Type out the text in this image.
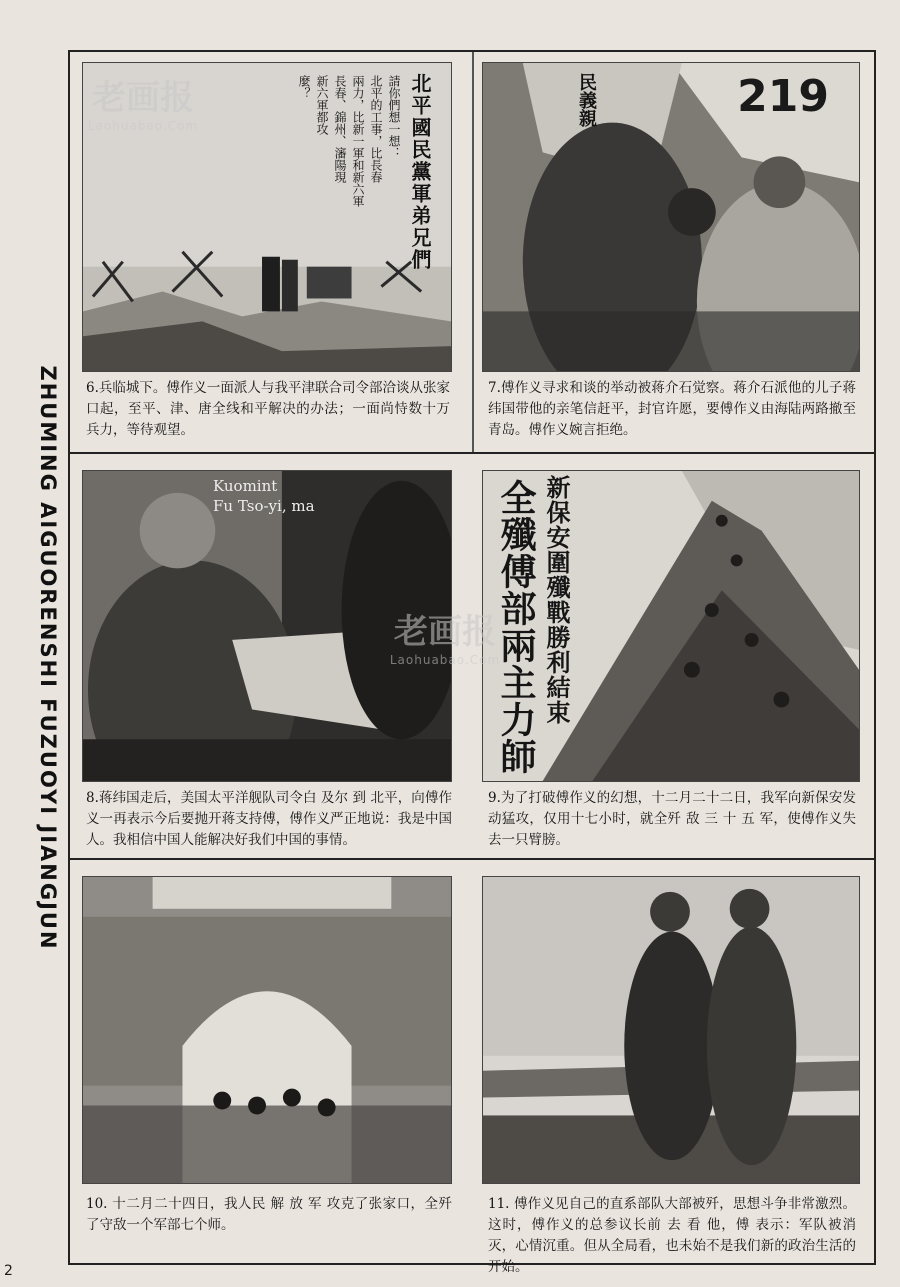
ZHUMING AIGUORENSHI FUZUOYI JIANGJUN
北平國民黨軍弟兄們
請你們想一想：
北平的工事，比長春
兩力，比新一軍和新六軍
長春、錦州、瀋陽現
新六軍都攻
麼？
6.兵临城下。傅作义一面派人与我平津联合司令部洽谈从张家口起，至平、津、唐全线和平解决的办法；一面尚恃数十万兵力，等待观望。
219
民義親
7.傅作义寻求和谈的举动被蒋介石觉察。蒋介石派他的儿子蒋纬国带他的亲笔信赶平，封官许愿，要傅作义由海陆两路撤至青岛。傅作义婉言拒绝。
Kuomint
Fu Tso-yi, ma
8.蒋纬国走后，美国太平洋舰队司令白 及尔 到 北平，向傅作义一再表示今后要抛开蒋支持傅，傅作义严正地说：我是中国人。我相信中国人能解决好我们中国的事情。
全殲傅部兩主力師 新保安圍殲戰勝利結束
9.为了打破傅作义的幻想，十二月二十二日，我军向新保安发动猛攻，仅用十七小时，就全歼 敌 三 十 五 军，使傅作义失去一只臂膀。
10. 十二月二十四日，我人民 解 放 军 攻克了张家口，全歼了守敌一个军部七个师。
11. 傅作义见自己的直系部队大部被歼，思想斗争非常激烈。这时，傅作义的总参议长前 去 看 他，傅 表示：军队被消灭，心情沉重。但从全局看，也未始不是我们新的政治生活的开始。
老画报
Laohuabao.Com
老画报
Laohuabao.Com
2
